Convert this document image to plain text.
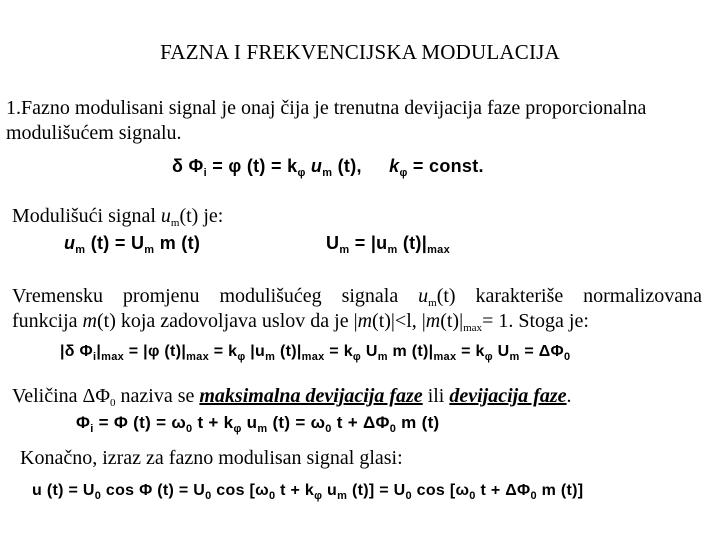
FAZNA I FREKVENCIJSKA MODULACIJA
1.Fazno modulisani signal je onaj čija je trenutna devijacija faze proporcionalna
modulišućem signalu.
δ $\Phi_i = \varphi$ $(t) = k_\varphi$ $u_m$ (t), $k_\varphi$ = const.
Modulišući signal $u_m(t)$ je:
$u_m$ $(t) = U_m$ m (t)	$U_m = |u_m$ $(t)|_{max}$
Vremensku promjenu modulišućeg signala $u_m(t)$ karakteriše normalizovana
funkcija m(t) koja zadovoljava uslov da je |m(t)|<l, $|m(t)|_{max}= 1$. Stoga je:
|δ $\Phi_i|_{max} = |\varphi$ $(t)|_{max} = k_\varphi$ $|u_m$ $(t)|_{max} = k_\varphi$ $U_m$ m $(t)|_{max} = k_\varphi$ $U_m = \Delta\Phi_0$
Veličina $\Delta\Phi_0$ naziva se maksimalna devijacija faze ili devijacija faze.
$\Phi_i = \Phi$ $(t) = \omega_0$ $t + k_\varphi$ $u_m$ $(t) = \omega_0$ $t + \Delta\Phi_0$ m (t)
Konačno, izraz za fazno modulisan signal glasi:
u $(t) = U_0$ cos Φ $(t) = U_0$ $\cos [\omega_0$ $t + k_\varphi$ $u_m$ $(t)] = U_0$ $\cos [\omega_0$ $t + \Delta\Phi_0$ m (t)]
